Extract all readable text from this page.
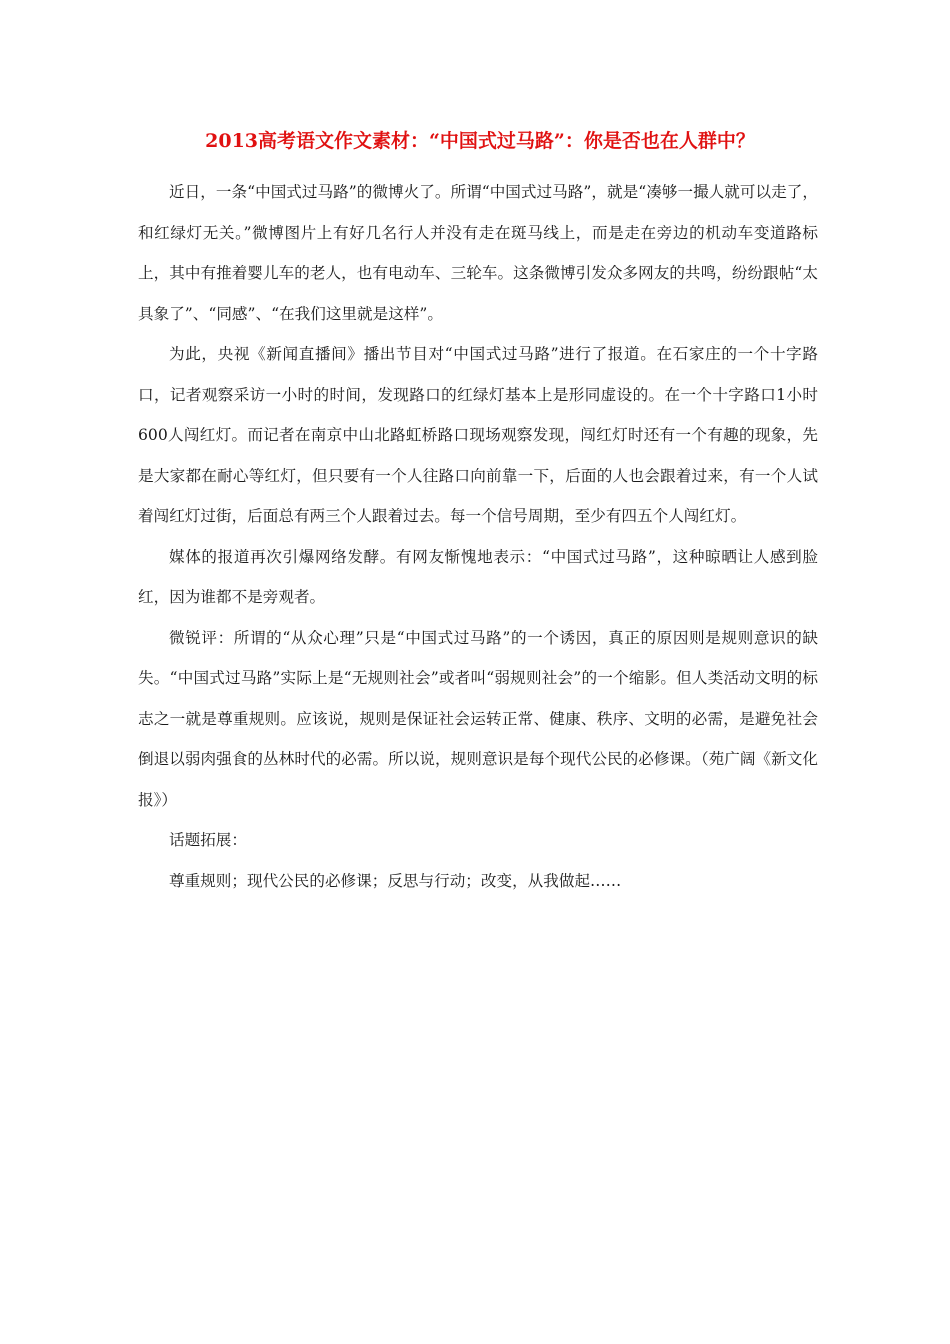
2013高考语文作文素材：“中国式过马路”：你是否也在人群中？

近日，一条“中国式过马路”的微博火了。所谓“中国式过马路”，就是“凑够一撮人就可以走了，和红绿灯无关。”微博图片上有好几名行人并没有走在斑马线上，而是走在旁边的机动车变道路标上，其中有推着婴儿车的老人，也有电动车、三轮车。这条微博引发众多网友的共鸣，纷纷跟帖“太具象了”、“同感”、“在我们这里就是这样”。

为此，央视《新闻直播间》播出节目对“中国式过马路”进行了报道。在石家庄的一个十字路口，记者观察采访一小时的时间，发现路口的红绿灯基本上是形同虚设的。在一个十字路口1小时600人闯红灯。而记者在南京中山北路虹桥路口现场观察发现，闯红灯时还有一个有趣的现象，先是大家都在耐心等红灯，但只要有一个人往路口向前靠一下，后面的人也会跟着过来，有一个人试着闯红灯过街，后面总有两三个人跟着过去。每一个信号周期，至少有四五个人闯红灯。

媒体的报道再次引爆网络发酵。有网友惭愧地表示：“中国式过马路”，这种晾晒让人感到脸红，因为谁都不是旁观者。

微锐评：所谓的“从众心理”只是“中国式过马路”的一个诱因，真正的原因则是规则意识的缺失。“中国式过马路”实际上是“无规则社会”或者叫“弱规则社会”的一个缩影。但人类活动文明的标志之一就是尊重规则。应该说，规则是保证社会运转正常、健康、秩序、文明的必需，是避免社会倒退以弱肉强食的丛林时代的必需。所以说，规则意识是每个现代公民的必修课。（苑广阔《新文化报》）

话题拓展：

尊重规则；现代公民的必修课；反思与行动；改变，从我做起……
